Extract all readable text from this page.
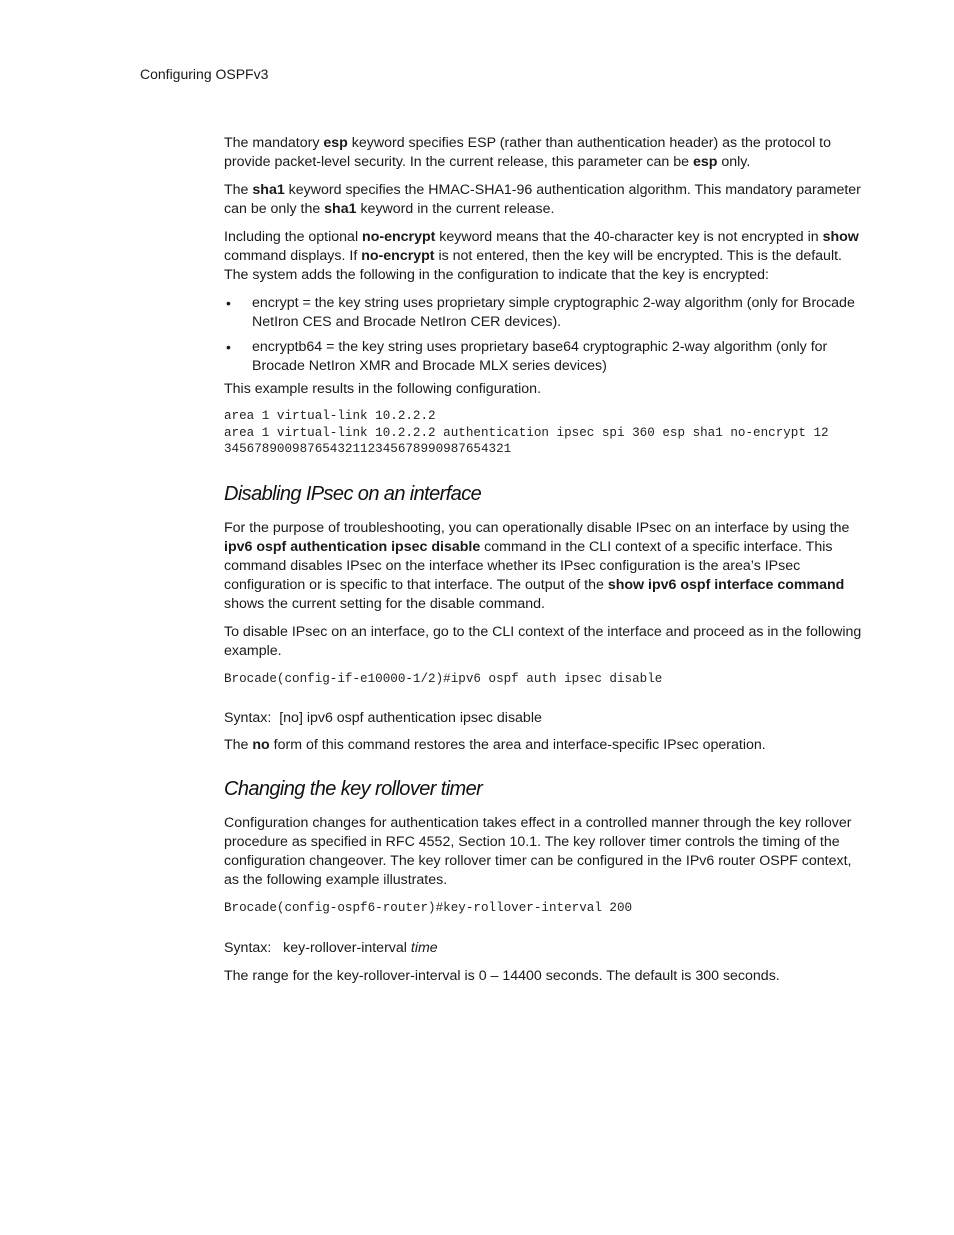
Configuring OSPFv3

The mandatory esp keyword specifies ESP (rather than authentication header) as the protocol to provide packet-level security. In the current release, this parameter can be esp only.

The sha1 keyword specifies the HMAC-SHA1-96 authentication algorithm. This mandatory parameter can be only the sha1 keyword in the current release.

Including the optional no-encrypt keyword means that the 40-character key is not encrypted in show command displays. If no-encrypt is not entered, then the key will be encrypted. This is the default. The system adds the following in the configuration to indicate that the key is encrypted:

• encrypt = the key string uses proprietary simple cryptographic 2-way algorithm (only for Brocade NetIron CES and Brocade NetIron CER devices).
• encryptb64 = the key string uses proprietary base64 cryptographic 2-way algorithm (only for Brocade NetIron XMR and Brocade MLX series devices)

This example results in the following configuration.

area 1 virtual-link 10.2.2.2
area 1 virtual-link 10.2.2.2 authentication ipsec spi 360 esp sha1 no-encrypt 12
34567890098765432112345678990987654321
Disabling IPsec on an interface

For the purpose of troubleshooting, you can operationally disable IPsec on an interface by using the ipv6 ospf authentication ipsec disable command in the CLI context of a specific interface. This command disables IPsec on the interface whether its IPsec configuration is the area’s IPsec configuration or is specific to that interface. The output of the show ipv6 ospf interface command shows the current setting for the disable command.

To disable IPsec on an interface, go to the CLI context of the interface and proceed as in the following example.

Brocade(config-if-e10000-1/2)#ipv6 ospf auth ipsec disable

Syntax: [no] ipv6 ospf authentication ipsec disable

The no form of this command restores the area and interface-specific IPsec operation.

Changing the key rollover timer

Configuration changes for authentication takes effect in a controlled manner through the key rollover procedure as specified in RFC 4552, Section 10.1. The key rollover timer controls the timing of the configuration changeover. The key rollover timer can be configured in the IPv6 router OSPF context, as the following example illustrates.

Brocade(config-ospf6-router)#key-rollover-interval 200

Syntax: key-rollover-interval time

The range for the key-rollover-interval is 0 – 14400 seconds. The default is 300 seconds.
